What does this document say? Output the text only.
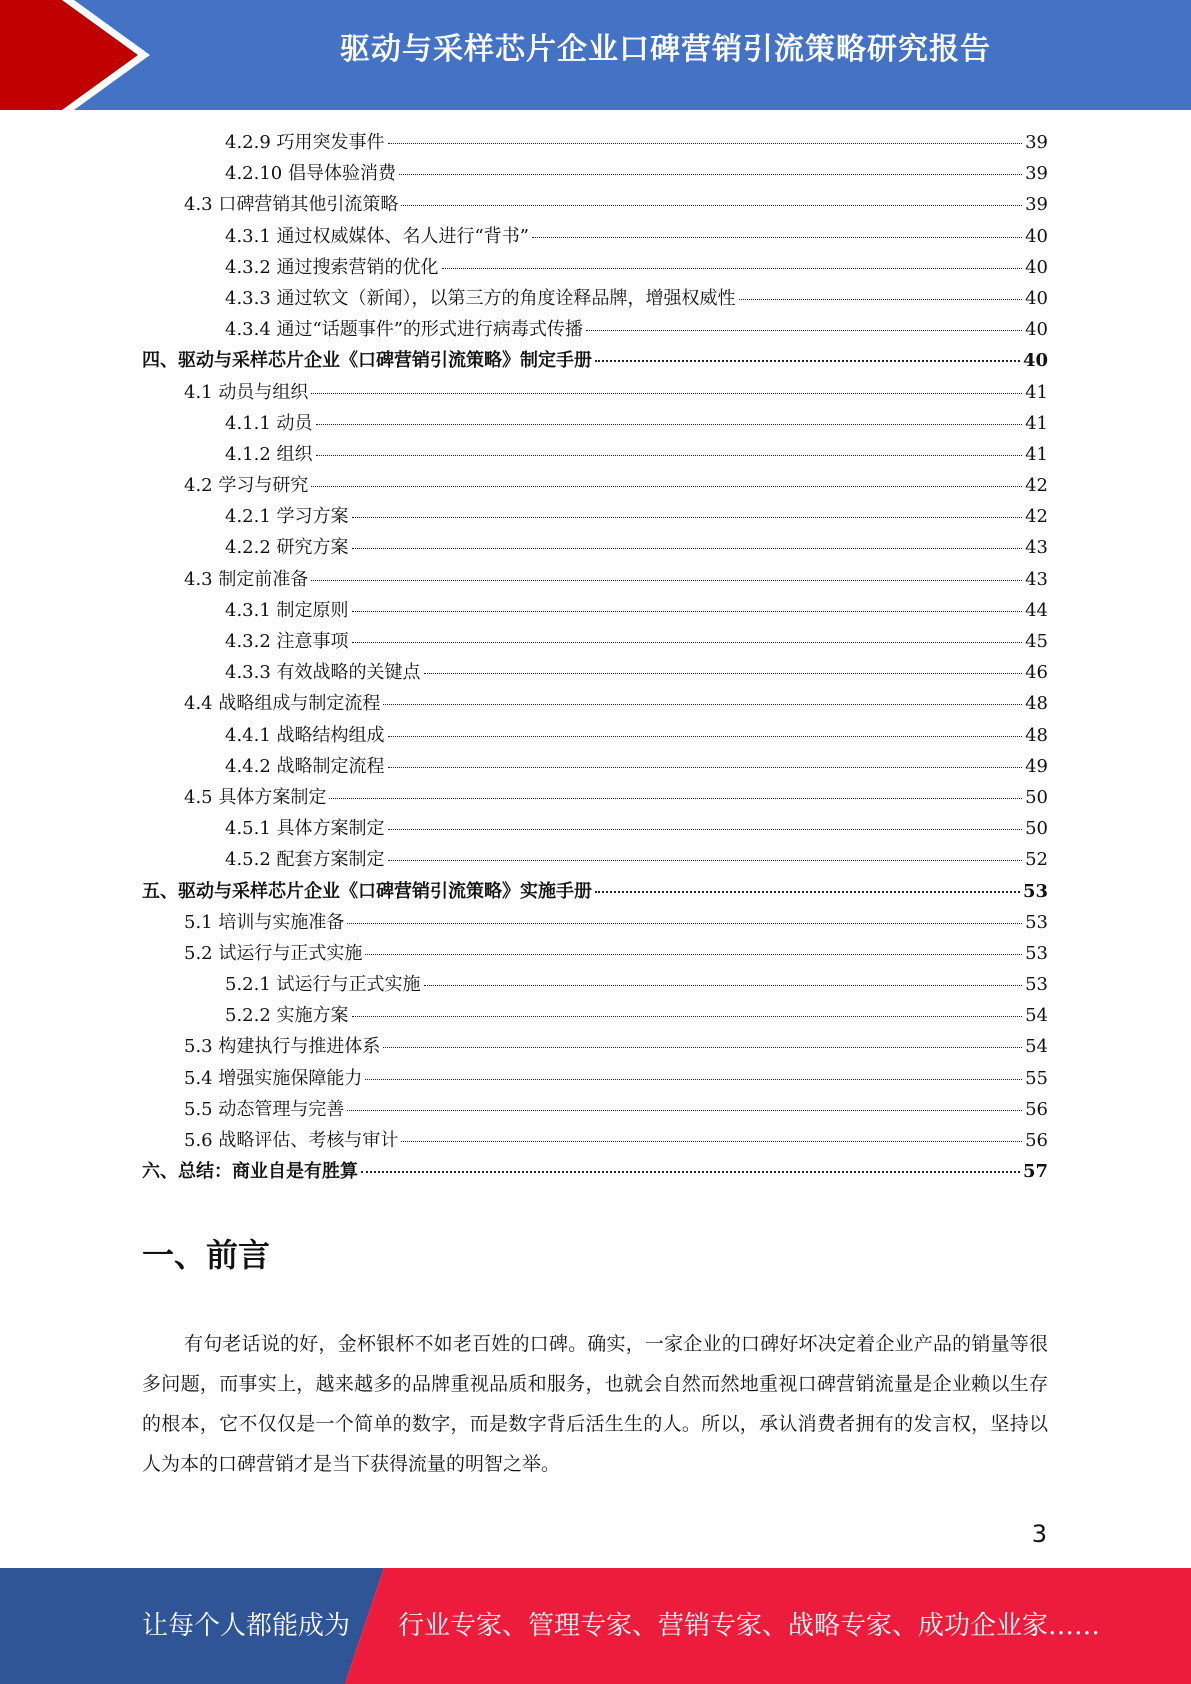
驱动与采样芯片企业口碑营销引流策略研究报告
4.2.9 巧用突发事件	39
4.2.10 倡导体验消费	39
4.3 口碑营销其他引流策略	39
4.3.1 通过权威媒体、名人进行“背书”	40
4.3.2 通过搜索营销的优化	40
4.3.3 通过软文（新闻），以第三方的角度诠释品牌，增强权威性	40
4.3.4 通过“话题事件”的形式进行病毒式传播	40
四、驱动与采样芯片企业《口碑营销引流策略》制定手册	40
4.1 动员与组织	41
4.1.1 动员	41
4.1.2 组织	41
4.2 学习与研究	42
4.2.1 学习方案	42
4.2.2 研究方案	43
4.3 制定前准备	43
4.3.1 制定原则	44
4.3.2 注意事项	45
4.3.3 有效战略的关键点	46
4.4 战略组成与制定流程	48
4.4.1 战略结构组成	48
4.4.2 战略制定流程	49
4.5 具体方案制定	50
4.5.1 具体方案制定	50
4.5.2 配套方案制定	52
五、驱动与采样芯片企业《口碑营销引流策略》实施手册	53
5.1 培训与实施准备	53
5.2 试运行与正式实施	53
5.2.1 试运行与正式实施	53
5.2.2 实施方案	54
5.3 构建执行与推进体系	54
5.4 增强实施保障能力	55
5.5 动态管理与完善	56
5.6 战略评估、考核与审计	56
六、总结：商业自是有胜算	57
一、前言
有句老话说的好，金杯银杯不如老百姓的口碑。确实，一家企业的口碑好坏决定着企业产品的销量等很多问题，而事实上，越来越多的品牌重视品质和服务，也就会自然而然地重视口碑营销流量是企业赖以生存的根本，它不仅仅是一个简单的数字，而是数字背后活生生的人。所以，承认消费者拥有的发言权，坚持以人为本的口碑营销才是当下获得流量的明智之举。
3
让每个人都能成为 行业专家、管理专家、营销专家、战略专家、成功企业家……
